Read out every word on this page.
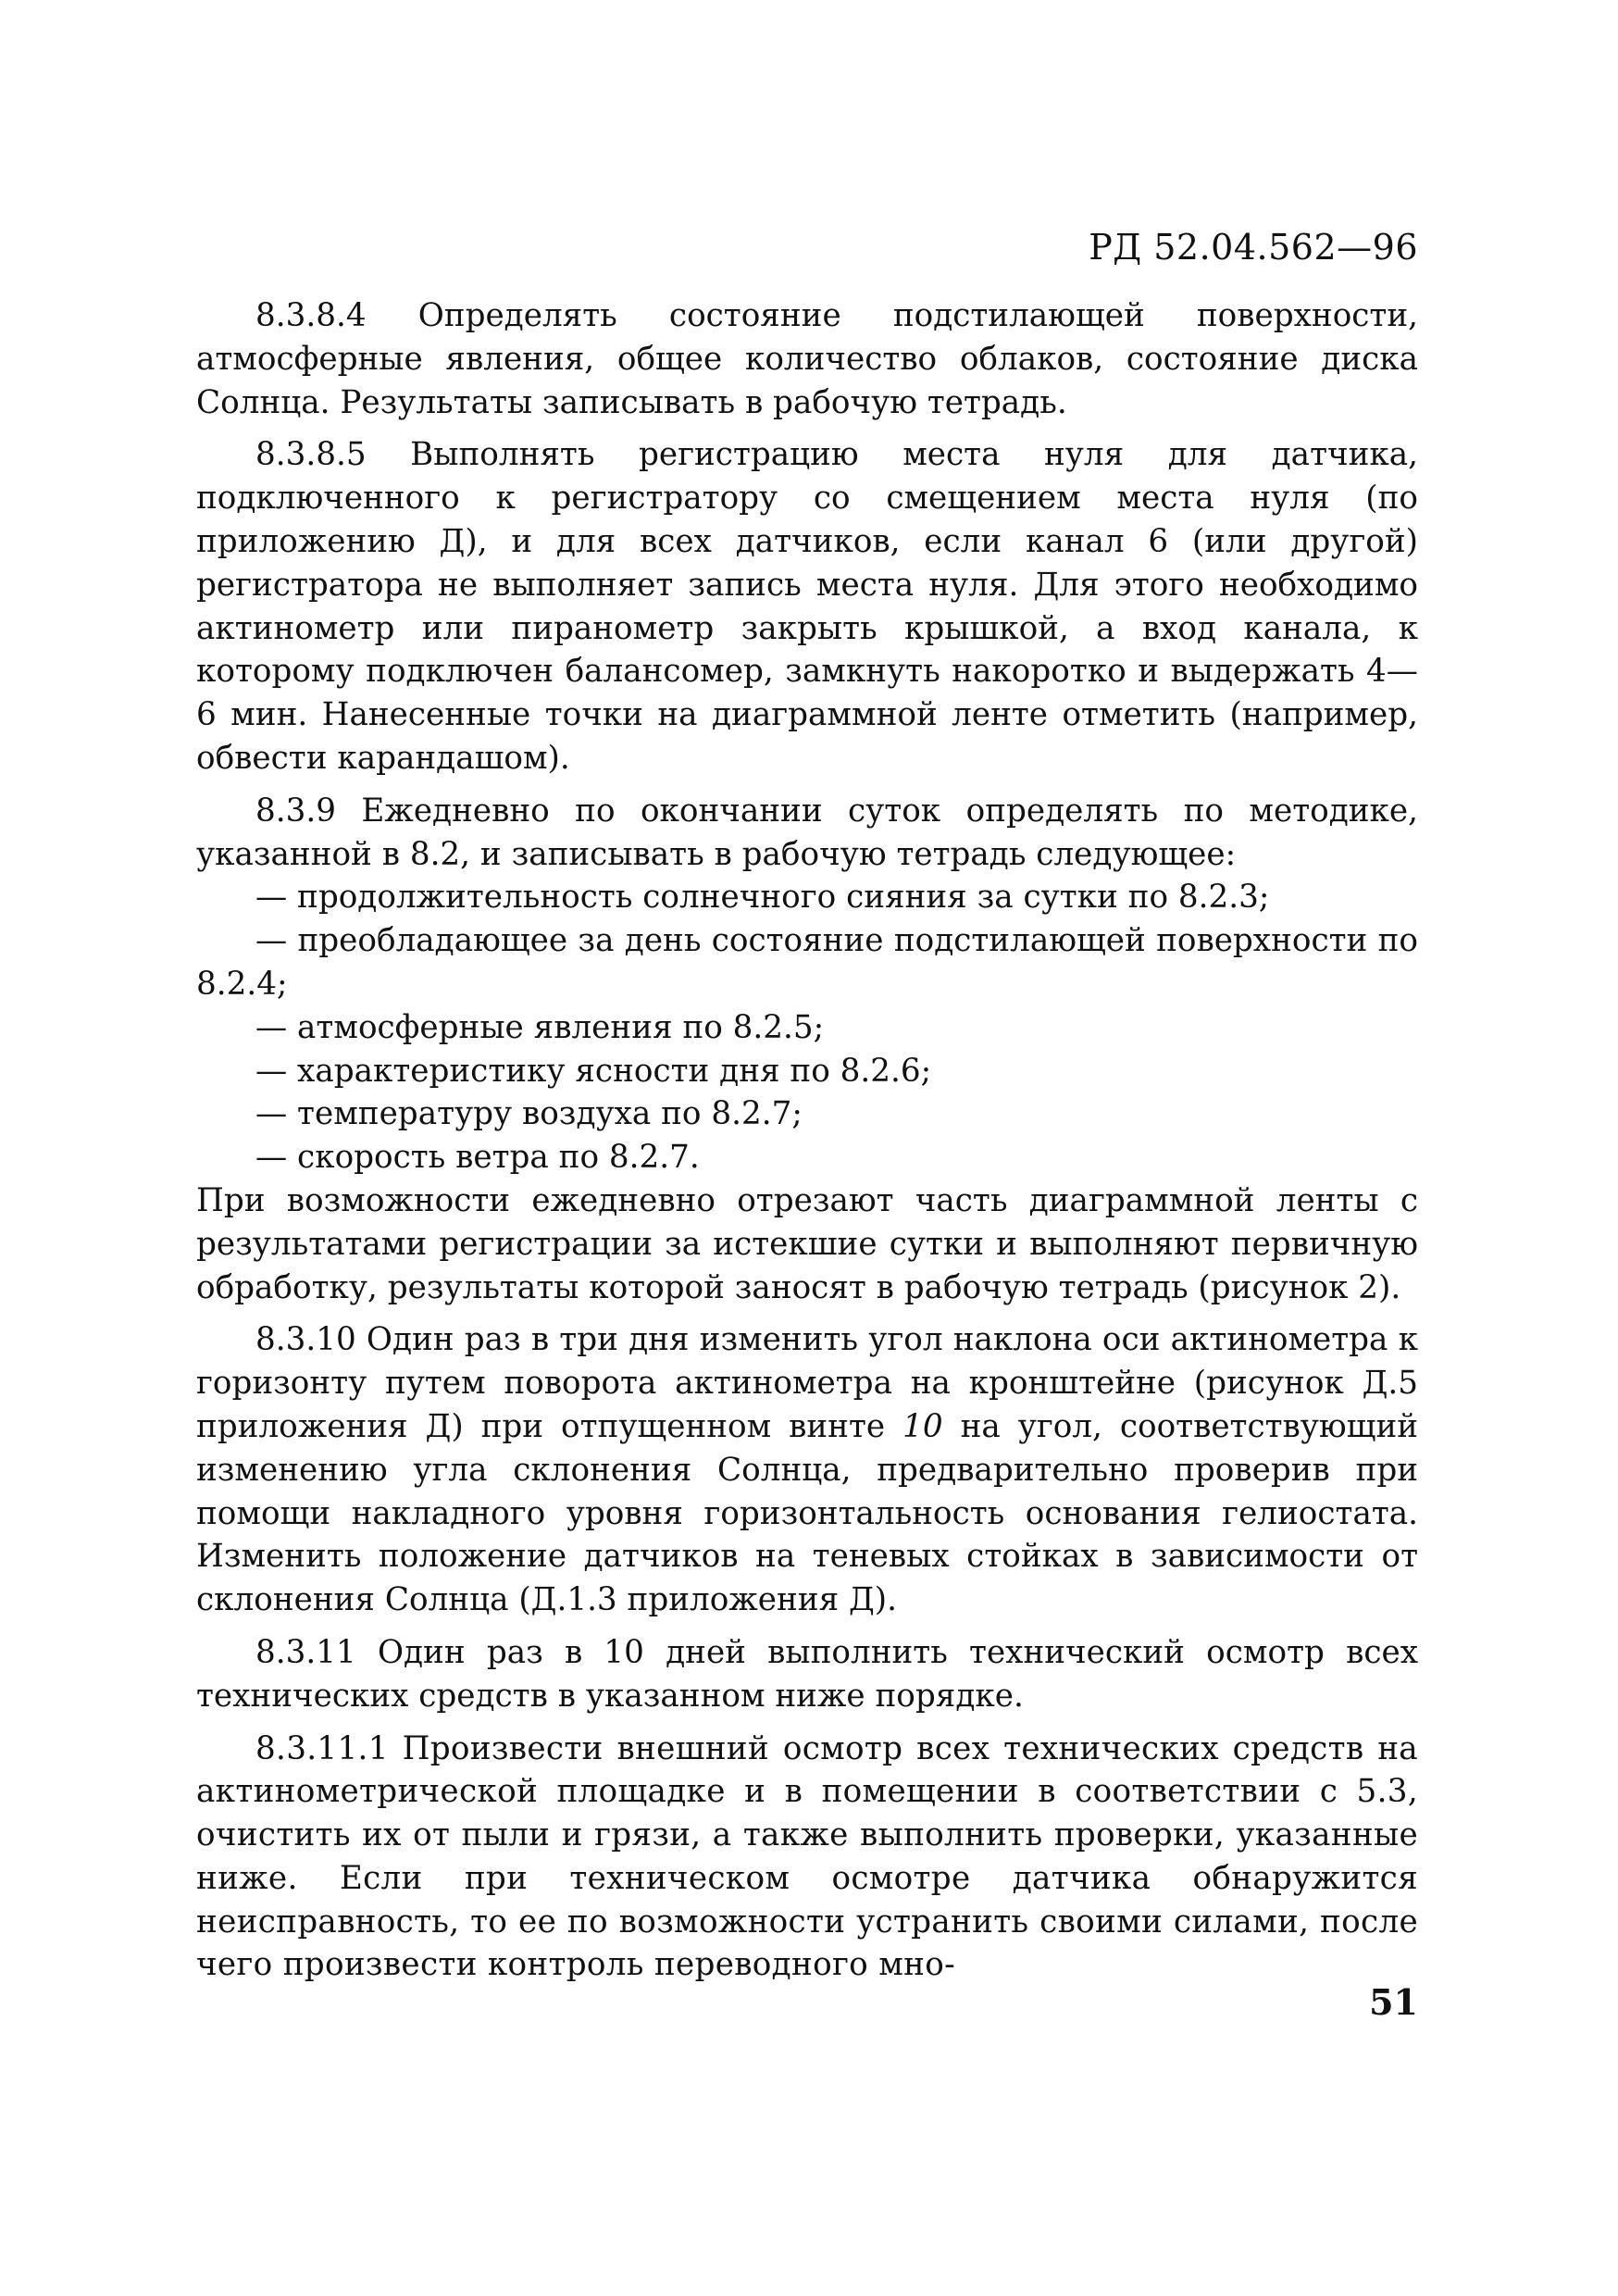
РД 52.04.562—96

8.3.8.4 Определять состояние подстилающей поверхности, атмосферные явления, общее количество облаков, состояние диска Солнца. Результаты записывать в рабочую тетрадь.

8.3.8.5 Выполнять регистрацию места нуля для датчика, подключенного к регистратору со смещением места нуля (по приложению Д), и для всех датчиков, если канал 6 (или другой) регистратора не выполняет запись места нуля. Для этого необходимо актинометр или пиранометр закрыть крышкой, а вход канала, к которому подключен балансомер, замкнуть накоротко и выдержать 4—6 мин. Нанесенные точки на диаграммной ленте отметить (например, обвести карандашом).

8.3.9 Ежедневно по окончании суток определять по методике, указанной в 8.2, и записывать в рабочую тетрадь следующее:

— продолжительность солнечного сияния за сутки по 8.2.3;

— преобладающее за день состояние подстилающей поверхности по 8.2.4;

— атмосферные явления по 8.2.5;

— характеристику ясности дня по 8.2.6;

— температуру воздуха по 8.2.7;

— скорость ветра по 8.2.7.

При возможности ежедневно отрезают часть диаграммной ленты с результатами регистрации за истекшие сутки и выполняют первичную обработку, результаты которой заносят в рабочую тетрадь (рисунок 2).

8.3.10 Один раз в три дня изменить угол наклона оси актинометра к горизонту путем поворота актинометра на кронштейне (рисунок Д.5 приложения Д) при отпущенном винте 10 на угол, соответствующий изменению угла склонения Солнца, предварительно проверив при помощи накладного уровня горизонтальность основания гелиостата. Изменить положение датчиков на теневых стойках в зависимости от склонения Солнца (Д.1.3 приложения Д).

8.3.11 Один раз в 10 дней выполнить технический осмотр всех технических средств в указанном ниже порядке.

8.3.11.1 Произвести внешний осмотр всех технических средств на актинометрической площадке и в помещении в соответствии с 5.3, очистить их от пыли и грязи, а также выполнить проверки, указанные ниже. Если при техническом осмотре датчика обнаружится неисправность, то ее по возможности устранить своими силами, после чего произвести контроль переводного мно-

51
